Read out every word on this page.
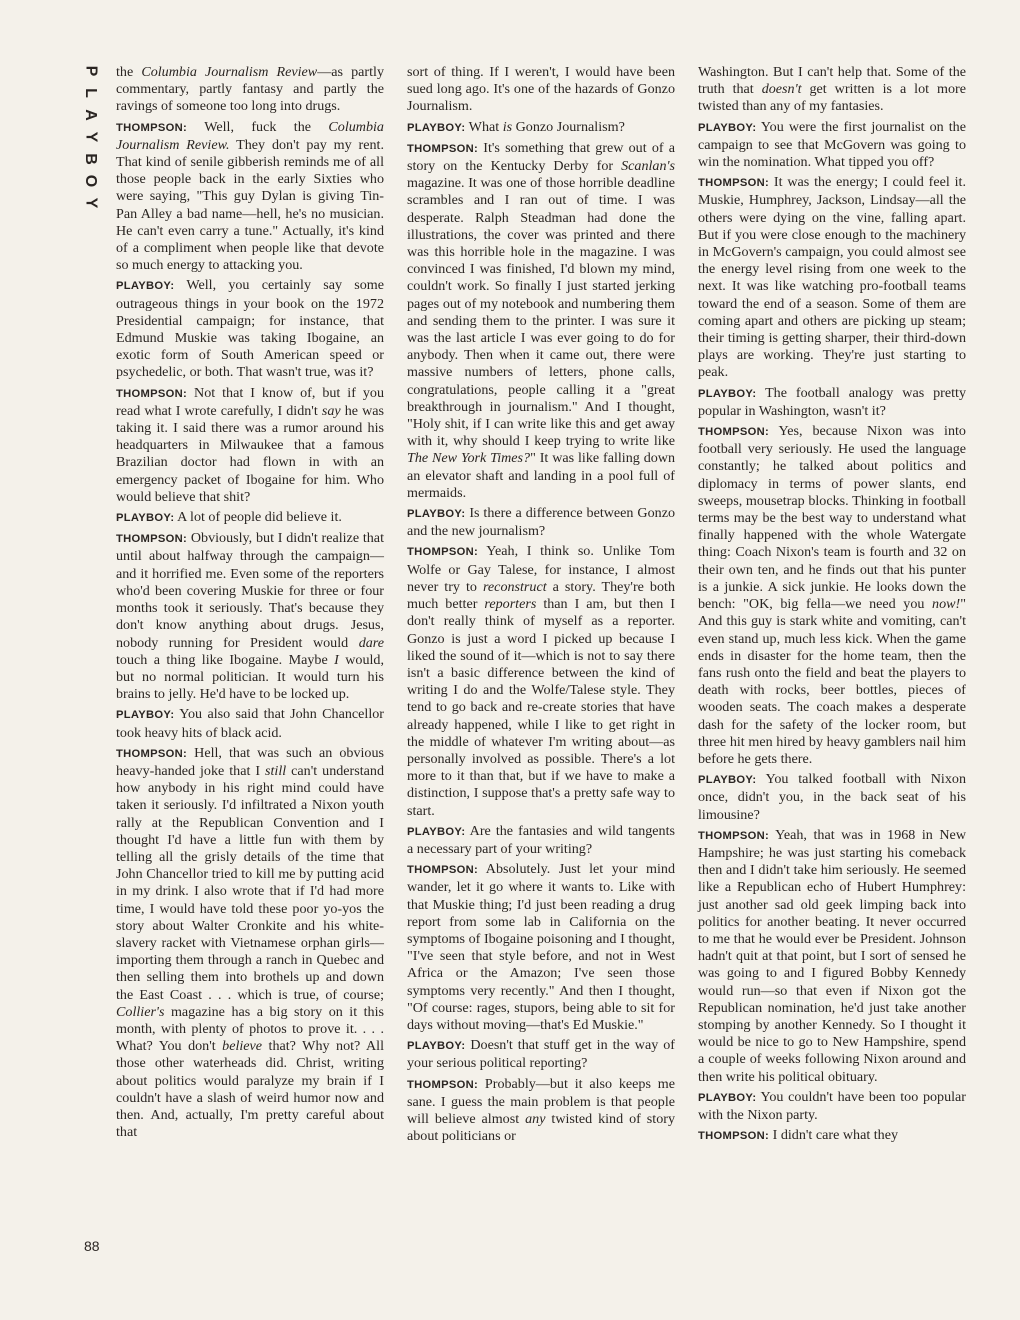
P
L
A
Y
B
O
Y
88

the Columbia Journalism Review—as partly commentary, partly fantasy and partly the ravings of someone too long into drugs.

THOMPSON: Well, fuck the Columbia Journalism Review. They don't pay my rent. That kind of senile gibberish reminds me of all those people back in the early Sixties who were saying, "This guy Dylan is giving Tin-Pan Alley a bad name—hell, he's no musician. He can't even carry a tune." Actually, it's kind of a compliment when people like that devote so much energy to attacking you.

PLAYBOY: Well, you certainly say some outrageous things in your book on the 1972 Presidential campaign; for instance, that Edmund Muskie was taking Ibogaine, an exotic form of South American speed or psychedelic, or both. That wasn't true, was it?

THOMPSON: Not that I know of, but if you read what I wrote carefully, I didn't say he was taking it. I said there was a rumor around his headquarters in Milwaukee that a famous Brazilian doctor had flown in with an emergency packet of Ibogaine for him. Who would believe that shit?

PLAYBOY: A lot of people did believe it.

THOMPSON: Obviously, but I didn't realize that until about halfway through the campaign—and it horrified me. Even some of the reporters who'd been covering Muskie for three or four months took it seriously. That's because they don't know anything about drugs. Jesus, nobody running for President would dare touch a thing like Ibogaine. Maybe I would, but no normal politician. It would turn his brains to jelly. He'd have to be locked up.

PLAYBOY: You also said that John Chancellor took heavy hits of black acid.

THOMPSON: Hell, that was such an obvious heavy-handed joke that I still can't understand how anybody in his right mind could have taken it seriously. I'd infiltrated a Nixon youth rally at the Republican Convention and I thought I'd have a little fun with them by telling all the grisly details of the time that John Chancellor tried to kill me by putting acid in my drink. I also wrote that if I'd had more time, I would have told these poor yo-yos the story about Walter Cronkite and his white-slavery racket with Vietnamese orphan girls—importing them through a ranch in Quebec and then selling them into brothels up and down the East Coast . . . which is true, of course; Collier's magazine has a big story on it this month, with plenty of photos to prove it. . . . What? You don't believe that? Why not? All those other waterheads did. Christ, writing about politics would paralyze my brain if I couldn't have a slash of weird humor now and then. And, actually, I'm pretty careful about that

sort of thing. If I weren't, I would have been sued long ago. It's one of the hazards of Gonzo Journalism.

PLAYBOY: What is Gonzo Journalism?

THOMPSON: It's something that grew out of a story on the Kentucky Derby for Scanlan's magazine. It was one of those horrible deadline scrambles and I ran out of time. I was desperate. Ralph Steadman had done the illustrations, the cover was printed and there was this horrible hole in the magazine. I was convinced I was finished, I'd blown my mind, couldn't work. So finally I just started jerking pages out of my notebook and numbering them and sending them to the printer. I was sure it was the last article I was ever going to do for anybody. Then when it came out, there were massive numbers of letters, phone calls, congratulations, people calling it a "great breakthrough in journalism." And I thought, "Holy shit, if I can write like this and get away with it, why should I keep trying to write like The New York Times?" It was like falling down an elevator shaft and landing in a pool full of mermaids.

PLAYBOY: Is there a difference between Gonzo and the new journalism?

THOMPSON: Yeah, I think so. Unlike Tom Wolfe or Gay Talese, for instance, I almost never try to reconstruct a story. They're both much better reporters than I am, but then I don't really think of myself as a reporter. Gonzo is just a word I picked up because I liked the sound of it—which is not to say there isn't a basic difference between the kind of writing I do and the Wolfe/Talese style. They tend to go back and re-create stories that have already happened, while I like to get right in the middle of whatever I'm writing about—as personally involved as possible. There's a lot more to it than that, but if we have to make a distinction, I suppose that's a pretty safe way to start.

PLAYBOY: Are the fantasies and wild tangents a necessary part of your writing?

THOMPSON: Absolutely. Just let your mind wander, let it go where it wants to. Like with that Muskie thing; I'd just been reading a drug report from some lab in California on the symptoms of Ibogaine poisoning and I thought, "I've seen that style before, and not in West Africa or the Amazon; I've seen those symptoms very recently." And then I thought, "Of course: rages, stupors, being able to sit for days without moving—that's Ed Muskie."

PLAYBOY: Doesn't that stuff get in the way of your serious political reporting?

THOMPSON: Probably—but it also keeps me sane. I guess the main problem is that people will believe almost any twisted kind of story about politicians or

Washington. But I can't help that. Some of the truth that doesn't get written is a lot more twisted than any of my fantasies.

PLAYBOY: You were the first journalist on the campaign to see that McGovern was going to win the nomination. What tipped you off?

THOMPSON: It was the energy; I could feel it. Muskie, Humphrey, Jackson, Lindsay—all the others were dying on the vine, falling apart. But if you were close enough to the machinery in McGovern's campaign, you could almost see the energy level rising from one week to the next. It was like watching pro-football teams toward the end of a season. Some of them are coming apart and others are picking up steam; their timing is getting sharper, their third-down plays are working. They're just starting to peak.

PLAYBOY: The football analogy was pretty popular in Washington, wasn't it?

THOMPSON: Yes, because Nixon was into football very seriously. He used the language constantly; he talked about politics and diplomacy in terms of power slants, end sweeps, mousetrap blocks. Thinking in football terms may be the best way to understand what finally happened with the whole Watergate thing: Coach Nixon's team is fourth and 32 on their own ten, and he finds out that his punter is a junkie. A sick junkie. He looks down the bench: "OK, big fella—we need you now!" And this guy is stark white and vomiting, can't even stand up, much less kick. When the game ends in disaster for the home team, then the fans rush onto the field and beat the players to death with rocks, beer bottles, pieces of wooden seats. The coach makes a desperate dash for the safety of the locker room, but three hit men hired by heavy gamblers nail him before he gets there.

PLAYBOY: You talked football with Nixon once, didn't you, in the back seat of his limousine?

THOMPSON: Yeah, that was in 1968 in New Hampshire; he was just starting his comeback then and I didn't take him seriously. He seemed like a Republican echo of Hubert Humphrey: just another sad old geek limping back into politics for another beating. It never occurred to me that he would ever be President. Johnson hadn't quit at that point, but I sort of sensed he was going to and I figured Bobby Kennedy would run—so that even if Nixon got the Republican nomination, he'd just take another stomping by another Kennedy. So I thought it would be nice to go to New Hampshire, spend a couple of weeks following Nixon around and then write his political obituary.

PLAYBOY: You couldn't have been too popular with the Nixon party.

THOMPSON: I didn't care what they
